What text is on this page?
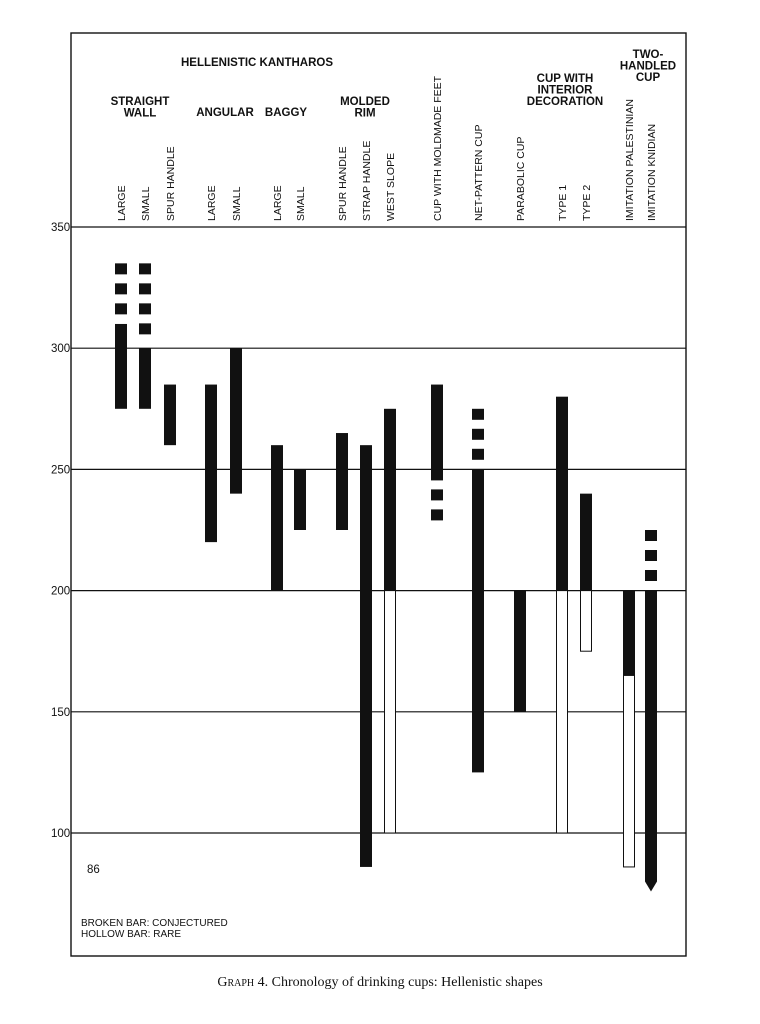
350
300
250
200
150
100
86
HELLENISTIC KANTHAROS
STRAIGHT
WALL	ANGULAR BAGGY
MOLDED
RIM
CUP WITH
INTERIOR
DECORATION
TWO-
HANDLED
CUP
LARGE SMALL SPUR HANDLE	LARGE SMALL	LARGE SMALL	SPUR HANDLE STRAP HANDLE WEST SLOPE	CUP WITH MOLDMADE FEET	NET-PATTERN CUP	PARABOLIC CUP	TYPE 1 TYPE 2	IMITATION PALESTINIAN IMITATION KNIDIAN
BROKEN BAR: CONJECTURED
HOLLOW BAR: RARE
Graph 4. Chronology of drinking cups: Hellenistic shapes
